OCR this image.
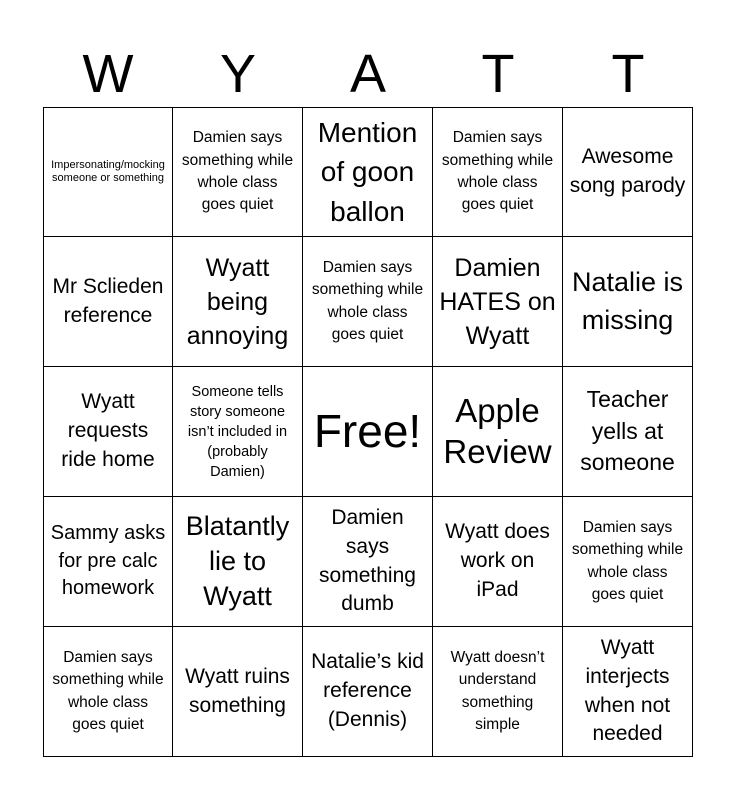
W	Y	A	T	T
Impersonating/mocking someone or something
Damien says something while whole class goes quiet
Mention of goon ballon
Damien says something while whole class goes quiet
Awesome song parody
Mr Sclieden reference
Wyatt being annoying
Damien says something while whole class goes quiet
Damien HATES on Wyatt
Natalie is missing
Wyatt requests ride home
Someone tells story someone isn’t included in (probably Damien)
Free!	Apple Review
Teacher yells at someone
Sammy asks for pre calc homework
Blatantly lie to Wyatt
Damien says something dumb
Wyatt does work on iPad
Damien says something while whole class goes quiet
Damien says something while whole class goes quiet
Wyatt ruins something
Natalie’s kid reference (Dennis)
Wyatt doesn’t understand something simple
Wyatt interjects when not needed
